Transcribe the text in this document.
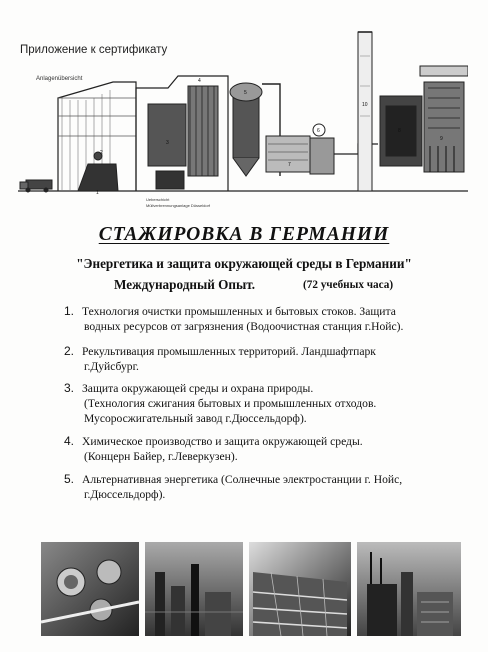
1
2
3
4
5
6
7
8
9
10
Приложение к сертификату
Anlagenübersicht
Ueberschicht
Müllverbrennungsanlage Düsseldorf
СТАЖИРОВКА В ГЕРМАНИИ
"Энергетика и защита окружающей среды в Германии"
Международный Опыт.	(72 учебных часа)
1. Технология очистки промышленных и бытовых стоков. Защита
водных ресурсов от загрязнения (Водоочистная станция г.Нойс).
2. Рекультивация промышленных территорий. Ландшафтпарк
г.Дуйсбург.
3. Защита окружающей среды и охрана природы.
(Технология сжигания бытовых и промышленных отходов.
Мусоросжигательный завод г.Дюссельдорф).
4. Химическое производство и защита окружающей среды.
(Концерн Байер, г.Леверкузен).
5. Альтернативная энергетика (Солнечные электростанции г. Нойс,
г.Дюссельдорф).
